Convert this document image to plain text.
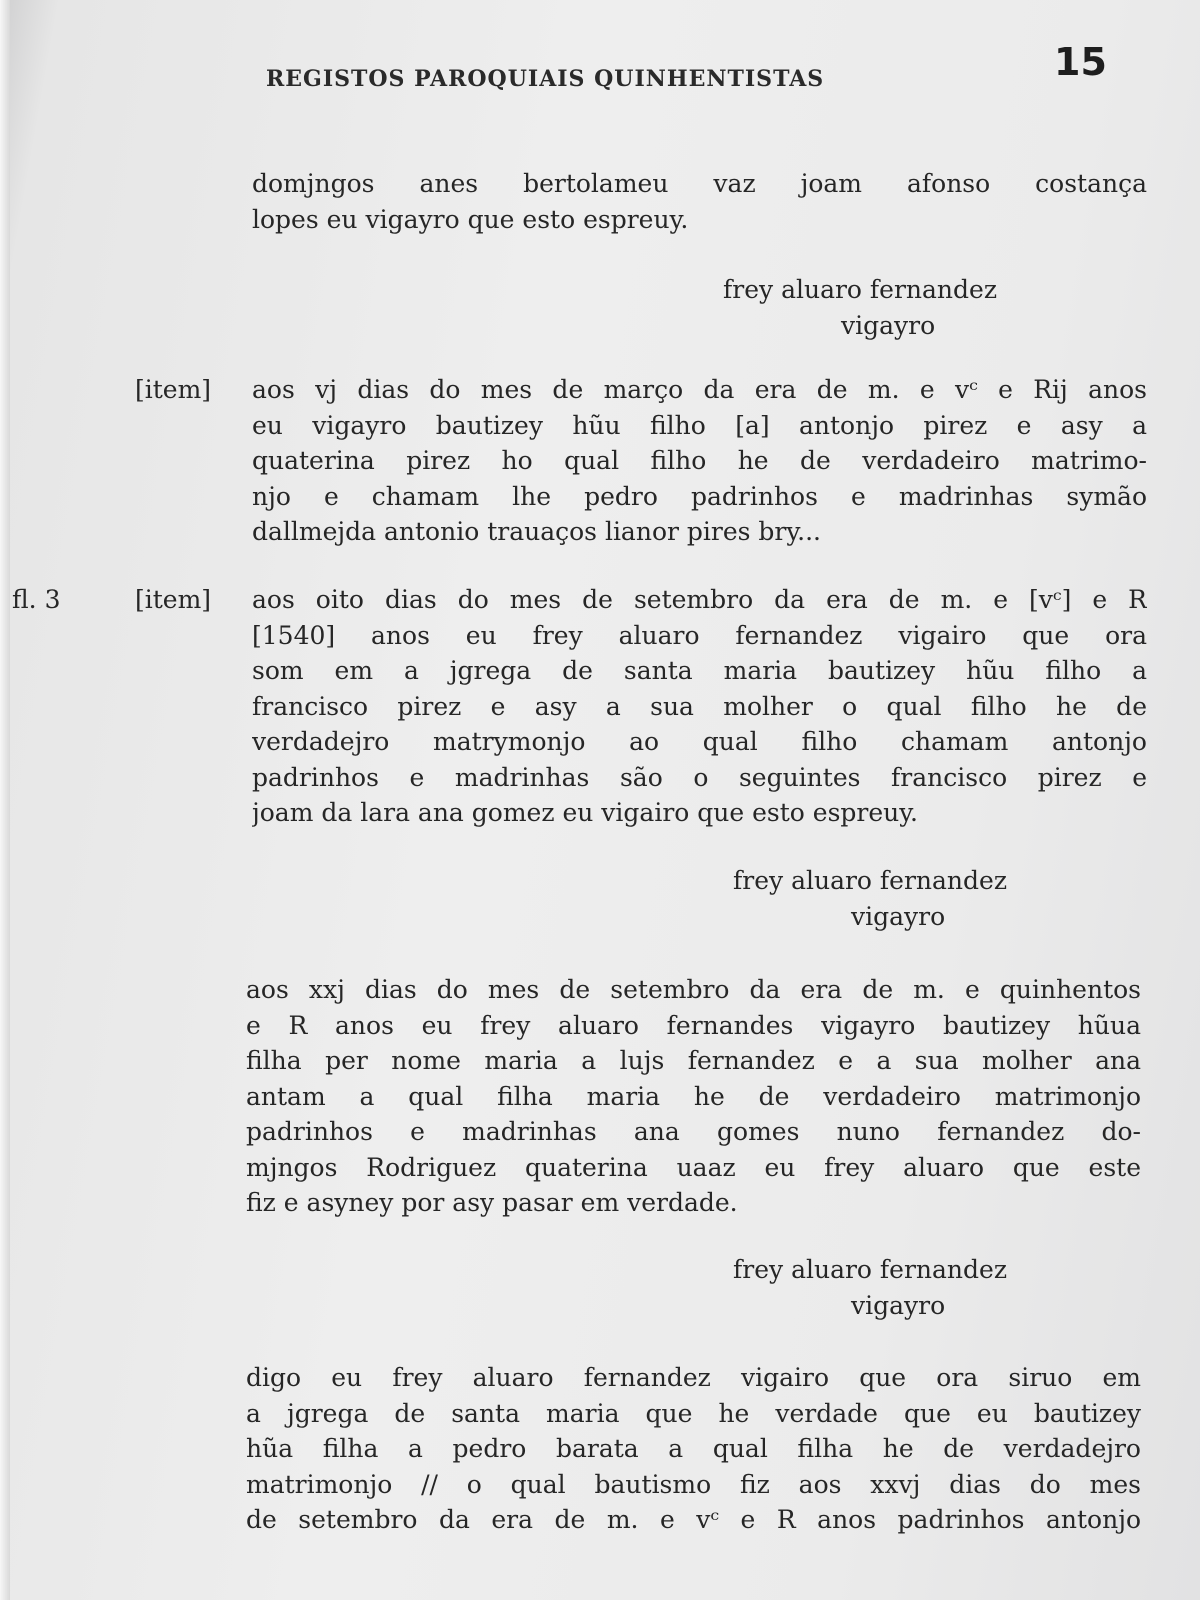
REGISTOS PAROQUIAIS QUINHENTISTAS	15
domjngos anes bertolameu vaz joam afonso costança
lopes eu vigayro que esto espreuy.
frey aluaro fernandez
vigayro
[item] aos vj dias do mes de março da era de m. e vᶜ e Rij anos
eu vigayro bautizey hũu filho [a] antonjo pirez e asy a
quaterina pirez ho qual filho he de verdadeiro matrimo-
njo e chamam lhe pedro padrinhos e madrinhas symão
dallmejda antonio trauaços lianor pires bry...
fl. 3	[item] aos oito dias do mes de setembro da era de m. e [vᶜ] e R
[1540] anos eu frey aluaro fernandez vigairo que ora
som em a jgrega de santa maria bautizey hũu filho a
francisco pirez e asy a sua molher o qual filho he de
verdadejro matrymonjo ao qual filho chamam antonjo
padrinhos e madrinhas são o seguintes francisco pirez e
joam da lara ana gomez eu vigairo que esto espreuy.
frey aluaro fernandez
vigayro
aos xxj dias do mes de setembro da era de m. e quinhentos
e R anos eu frey aluaro fernandes vigayro bautizey hũua
filha per nome maria a lujs fernandez e a sua molher ana
antam a qual filha maria he de verdadeiro matrimonjo
padrinhos e madrinhas ana gomes nuno fernandez do-
mjngos Rodriguez quaterina uaaz eu frey aluaro que este
fiz e asyney por asy pasar em verdade.
frey aluaro fernandez
vigayro
digo eu frey aluaro fernandez vigairo que ora siruo em
a jgrega de santa maria que he verdade que eu bautizey
hũa filha a pedro barata a qual filha he de verdadejro
matrimonjo // o qual bautismo fiz aos xxvj dias do mes
de setembro da era de m. e vᶜ e R anos padrinhos antonjo
